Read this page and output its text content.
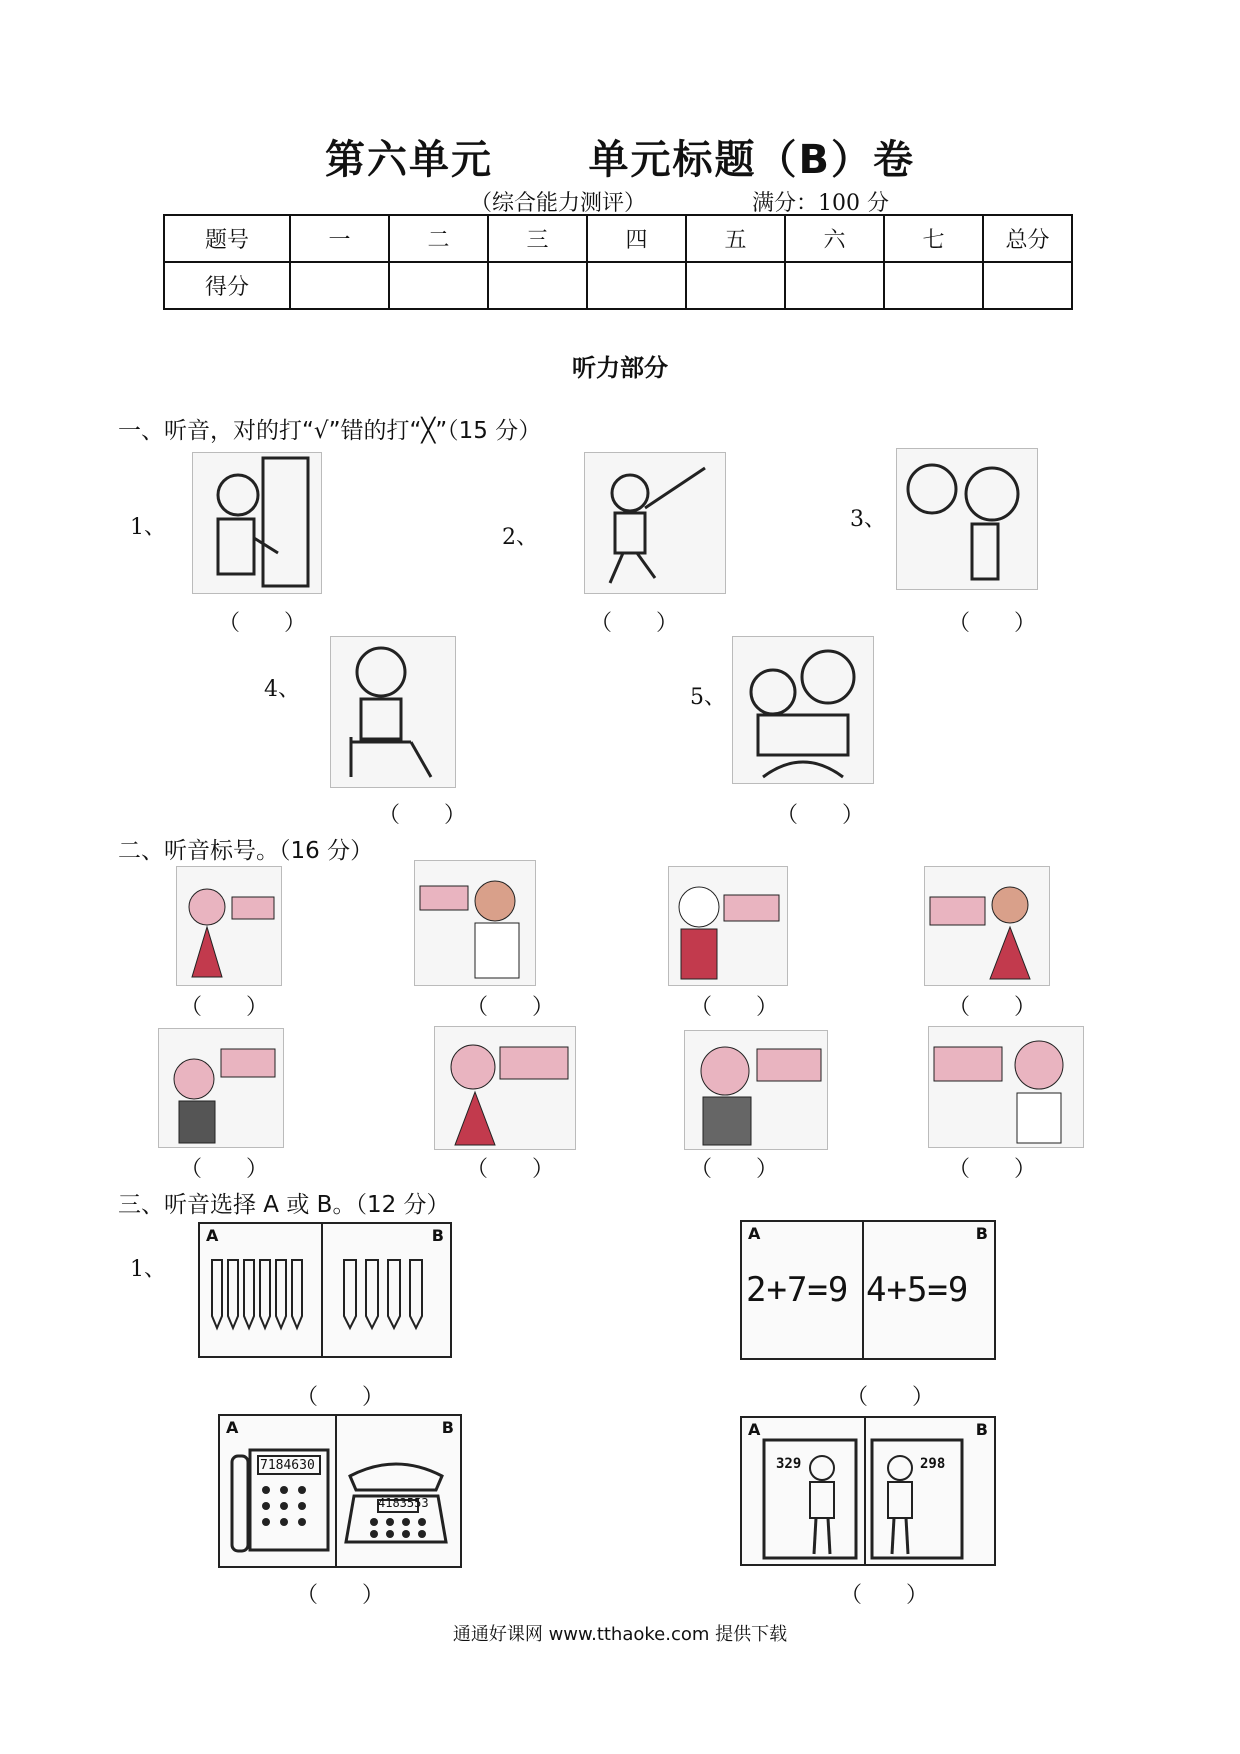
第六单元 单元标题（B）卷
（综合能力测评）	满分：100 分
题号	一	二	三	四	五	六	七	总分
得分								
听力部分
一、听音，对的打“√”错的打“╳”（15 分）
1、
（　　）
2、
（　　）
3、
（　　）
4、
（　　）
5、
（　　）
二、听音标号。（16 分）
（　　）	（　　）	（　　）	（　　）
（　　）	（　　）	（　　）	（　　）
三、听音选择 A 或 B。（12 分）
1、
A	B
（　　）
A	B
2+7=9 4+5=9
（　　）
A	B
7184630
4183553
（　　）
A	B
329	298
（　　）
通通好课网 www.tthaoke.com 提供下载
